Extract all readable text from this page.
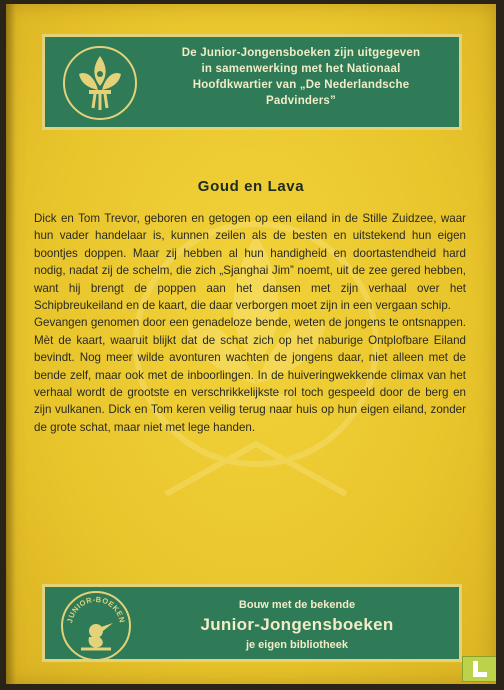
De Junior-Jongensboeken zijn uitgegeven
in samenwerking met het Nationaal
Hoofdkwartier van „De Nederlandsche
Padvinders”
Goud en Lava

Dick en Tom Trevor, geboren en getogen op een eiland in de Stille Zuidzee, waar hun vader handelaar is, kunnen zeilen als de besten en uitstekend hun eigen boontjes doppen. Maar zij hebben al hun handigheid en doortastendheid hard nodig, nadat zij de schelm, die zich „Sjanghai Jim” noemt, uit de zee gered hebben, want hij brengt de poppen aan het dansen met zijn verhaal over het Schipbreukeiland en de kaart, die daar verborgen moet zijn in een vergaan schip.

Gevangen genomen door een genadeloze bende, weten de jongens te ontsnappen. Mèt de kaart, waaruit blijkt dat de schat zich op het naburige Ontplofbare Eiland bevindt. Nog meer wilde avonturen wachten de jongens daar, niet alleen met de bende zelf, maar ook met de inboorlingen. In de huiveringwekkende climax van het verhaal wordt de grootste en verschrikkelijkste rol toch gespeeld door de berg en zijn vulkanen. Dick en Tom keren veilig terug naar huis op hun eigen eiland, zonder de grote schat, maar niet met lege handen.

JUNIOR-BOEKEN
Bouw met de bekende
Junior-Jongensboeken
je eigen bibliotheek
